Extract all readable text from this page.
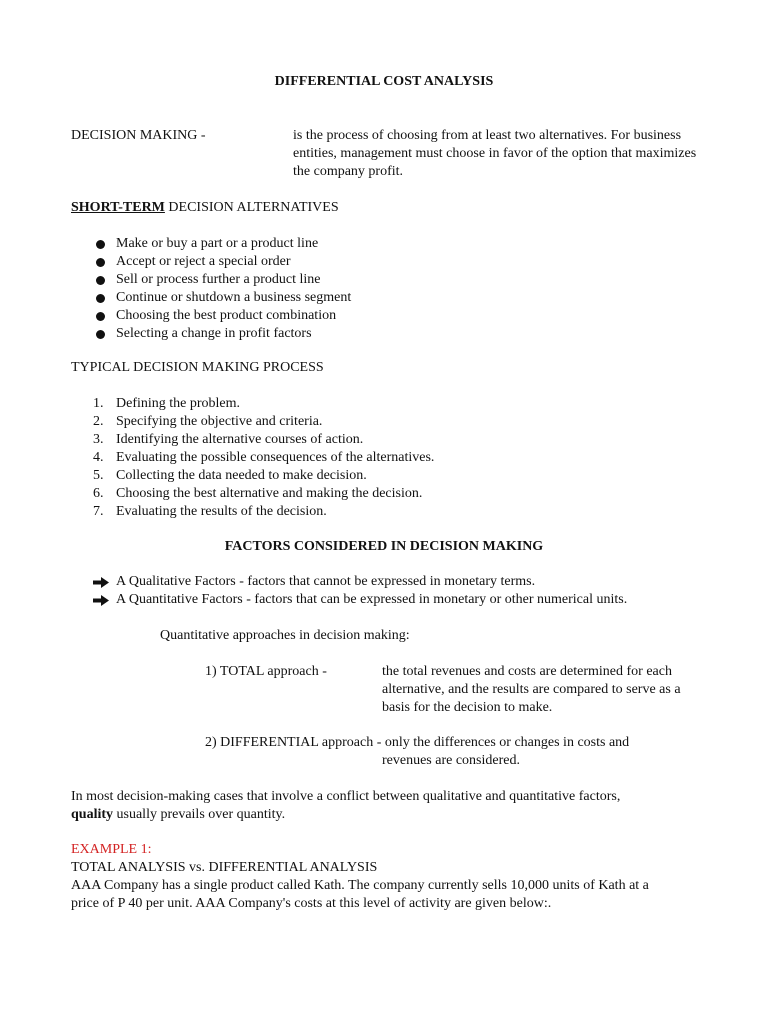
DIFFERENTIAL COST ANALYSIS
DECISION MAKING -	is the process of choosing from at least two alternatives. For business entities, management must choose in favor of the option that maximizes the company profit.
SHORT-TERM DECISION ALTERNATIVES
Make or buy a part or a product line
Accept or reject a special order
Sell or process further a product line
Continue or shutdown a business segment
Choosing the best product combination
Selecting a change in profit factors
TYPICAL DECISION MAKING PROCESS
1. Defining the problem.
2. Specifying the objective and criteria.
3. Identifying the alternative courses of action.
4. Evaluating the possible consequences of the alternatives.
5. Collecting the data needed to make decision.
6. Choosing the best alternative and making the decision.
7. Evaluating the results of the decision.
FACTORS CONSIDERED IN DECISION MAKING
A Qualitative Factors - factors that cannot be expressed in monetary terms.
A Quantitative Factors - factors that can be expressed in monetary or other numerical units.
Quantitative approaches in decision making:
1) TOTAL approach -	the total revenues and costs are determined for each alternative, and the results are compared to serve as a basis for the decision to make.
2) DIFFERENTIAL approach - only the differences or changes in costs and
revenues are considered.
In most decision-making cases that involve a conflict between qualitative and quantitative factors,
quality usually prevails over quantity.
EXAMPLE 1:
TOTAL ANALYSIS vs. DIFFERENTIAL ANALYSIS
AAA Company has a single product called Kath. The company currently sells 10,000 units of Kath at a
price of P 40 per unit. AAA Company's costs at this level of activity are given below:.
